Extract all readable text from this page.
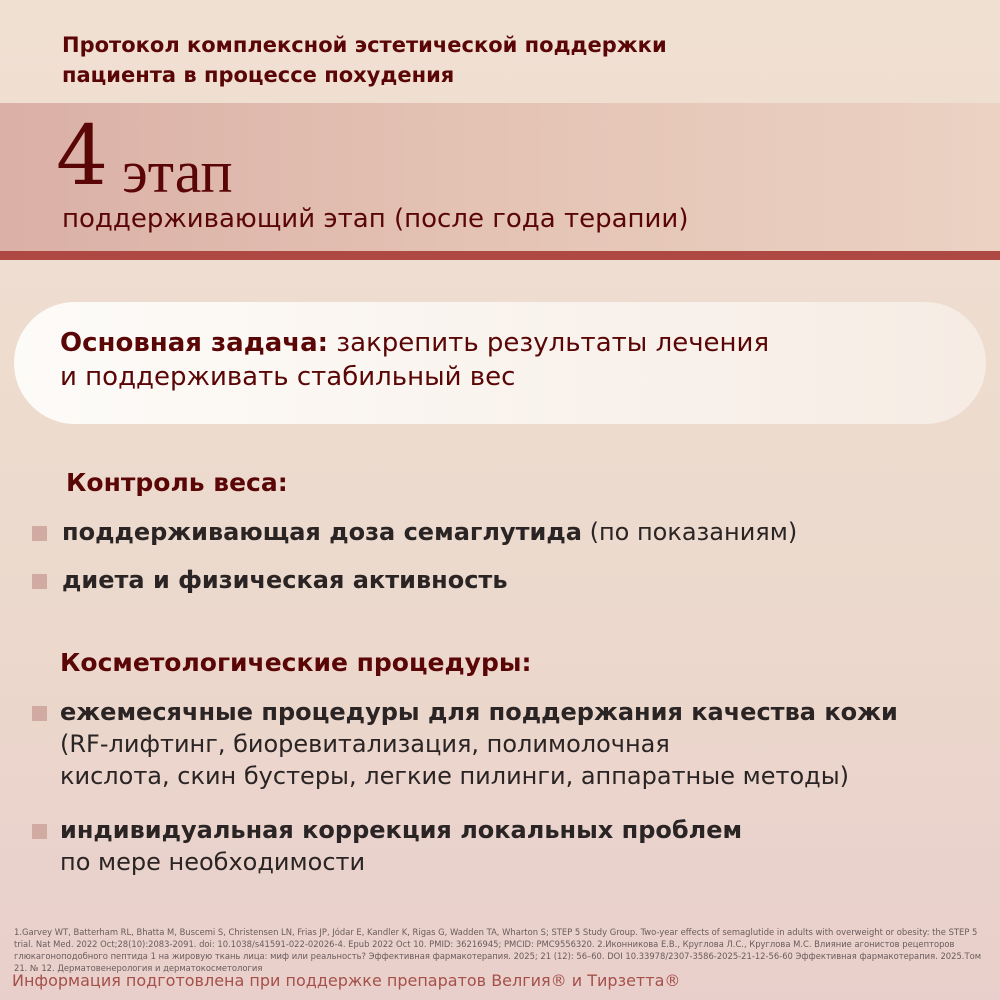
Протокол комплексной эстетической поддержки
пациента в процессе похудения
4 этап
поддерживающий этап (после года терапии)
Основная задача: закрепить результаты лечения
и поддерживать стабильный вес
Контроль веса:
поддерживающая доза семаглутида (по показаниям)
диета и физическая активность
Косметологические процедуры:
ежемесячные процедуры для поддержания качества кожи
(RF-лифтинг, биоревитализация, полимолочная
кислота, скин бустеры, легкие пилинги, аппаратные методы)
индивидуальная коррекция локальных проблем
по мере необходимости
1.Garvey WT, Batterham RL, Bhatta M, Buscemi S, Christensen LN, Frias JP, Jódar E, Kandler K, Rigas G, Wadden TA, Wharton S; STEP 5 Study Group. Two-year effects of semaglutide in adults with overweight or obesity: the STEP 5 trial. Nat Med. 2022 Oct;28(10):2083-2091. doi: 10.1038/s41591-022-02026-4. Epub 2022 Oct 10. PMID: 36216945; PMCID: PMC9556320. 2.Иконникова Е.В., Круглова Л.С., Круглова М.С. Влияние агонистов рецепторов глюкагоноподобного пептида 1 на жировую ткань лица: миф или реальность? Эффективная фармакотерапия. 2025; 21 (12): 56–60. DOI 10.33978/2307-3586-2025-21-12-56-60 Эффективная фармакотерапия. 2025.Том 21. № 12. Дерматовенерология и дерматокосметология
Информация подготовлена при поддержке препаратов Велгия® и Тирзетта®
